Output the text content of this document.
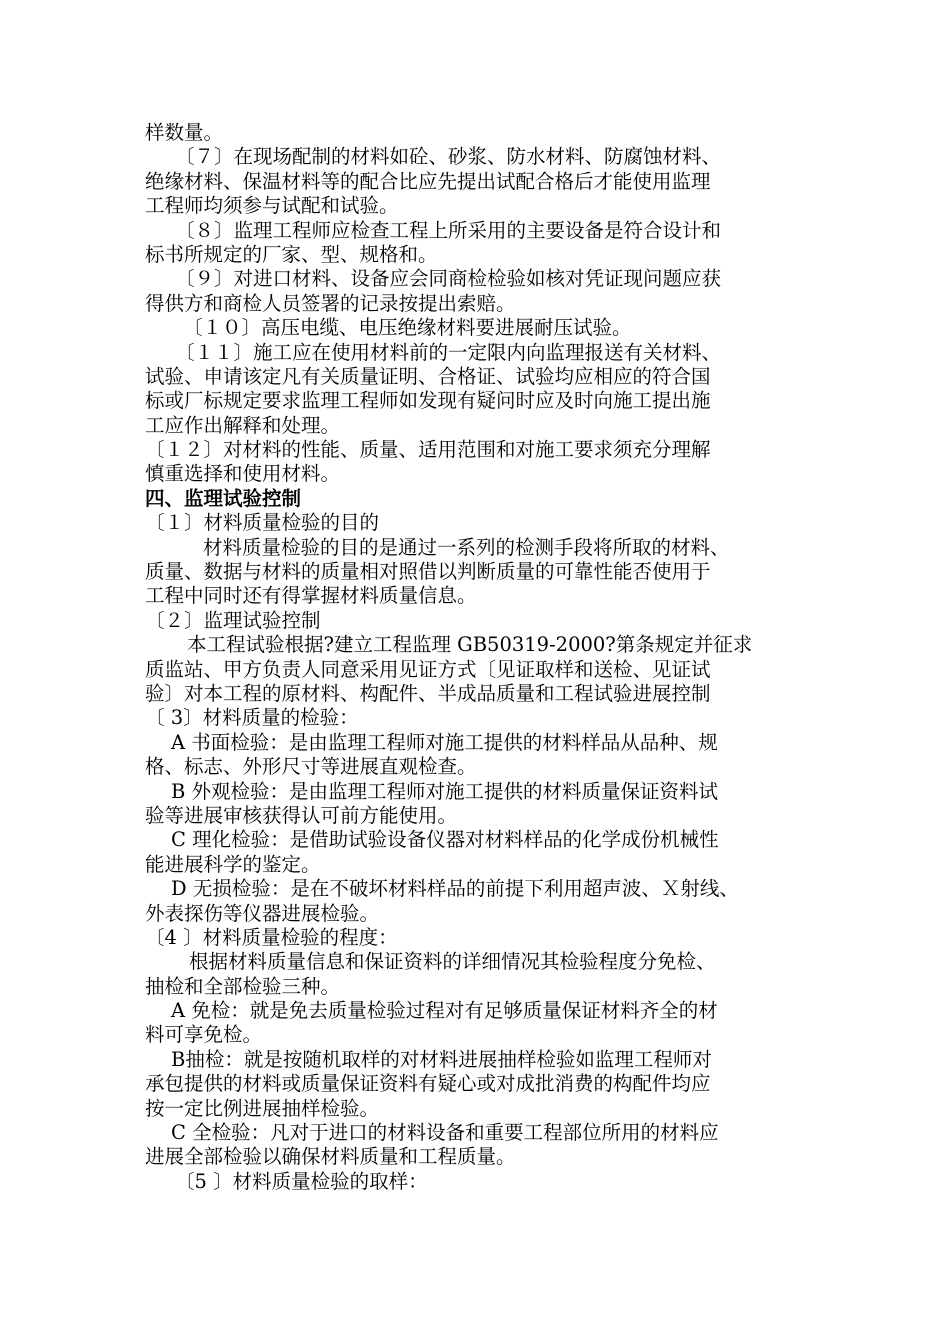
样数量。
〔７〕在现场配制的材料如砼、砂浆、防水材料、防腐蚀材料、
绝缘材料、保温材料等的配合比应先提出试配合格后才能使用监理
工程师均须参与试配和试验。
〔８〕监理工程师应检查工程上所采用的主要设备是符合设计和
标书所规定的厂家、型、规格和。
〔９〕对进口材料、设备应会同商检检验如核对凭证现问题应获
得供方和商检人员签署的记录按提出索赔。
〔１０〕高压电缆、电压绝缘材料要进展耐压试验。
〔１１〕施工应在使用材料前的一定限内向监理报送有关材料、
试验、申请该定凡有关质量证明、合格证、试验均应相应的符合国
标或厂标规定要求监理工程师如发现有疑问时应及时向施工提出施
工应作出解释和处理。
〔１２〕对材料的性能、质量、适用范围和对施工要求须充分理解
慎重选择和使用材料。
四、监理试验控制
〔１〕材料质量检验的目的
材料质量检验的目的是通过一系列的检测手段将所取的材料、
质量、数据与材料的质量相对照借以判断质量的可靠性能否使用于
工程中同时还有得掌握材料质量信息。
〔２〕监理试验控制
本工程试验根据?建立工程监理 GB50319-2000?第条规定并征求
质监站、甲方负责人同意采用见证方式〔见证取样和送检、见证试
验〕对本工程的原材料、构配件、半成品质量和工程试验进展控制
〔 3〕材料质量的检验：
A 书面检验：是由监理工程师对施工提供的材料样品从品种、规
格、标志、外形尺寸等进展直观检查。
B 外观检验：是由监理工程师对施工提供的材料质量保证资料试
验等进展审核获得认可前方能使用。
C 理化检验：是借助试验设备仪器对材料样品的化学成份机械性
能进展科学的鉴定。
D 无损检验：是在不破坏材料样品的前提下利用超声波、Ｘ射线、
外表探伤等仪器进展检验。
〔4 〕材料质量检验的程度：
根据材料质量信息和保证资料的详细情况其检验程度分免检、
抽检和全部检验三种。
A 免检：就是免去质量检验过程对有足够质量保证材料齐全的材
料可享免检。
B抽检：就是按随机取样的对材料进展抽样检验如监理工程师对
承包提供的材料或质量保证资料有疑心或对成批消费的构配件均应
按一定比例进展抽样检验。
C 全检验：凡对于进口的材料设备和重要工程部位所用的材料应
进展全部检验以确保材料质量和工程质量。
〔5 〕材料质量检验的取样：
